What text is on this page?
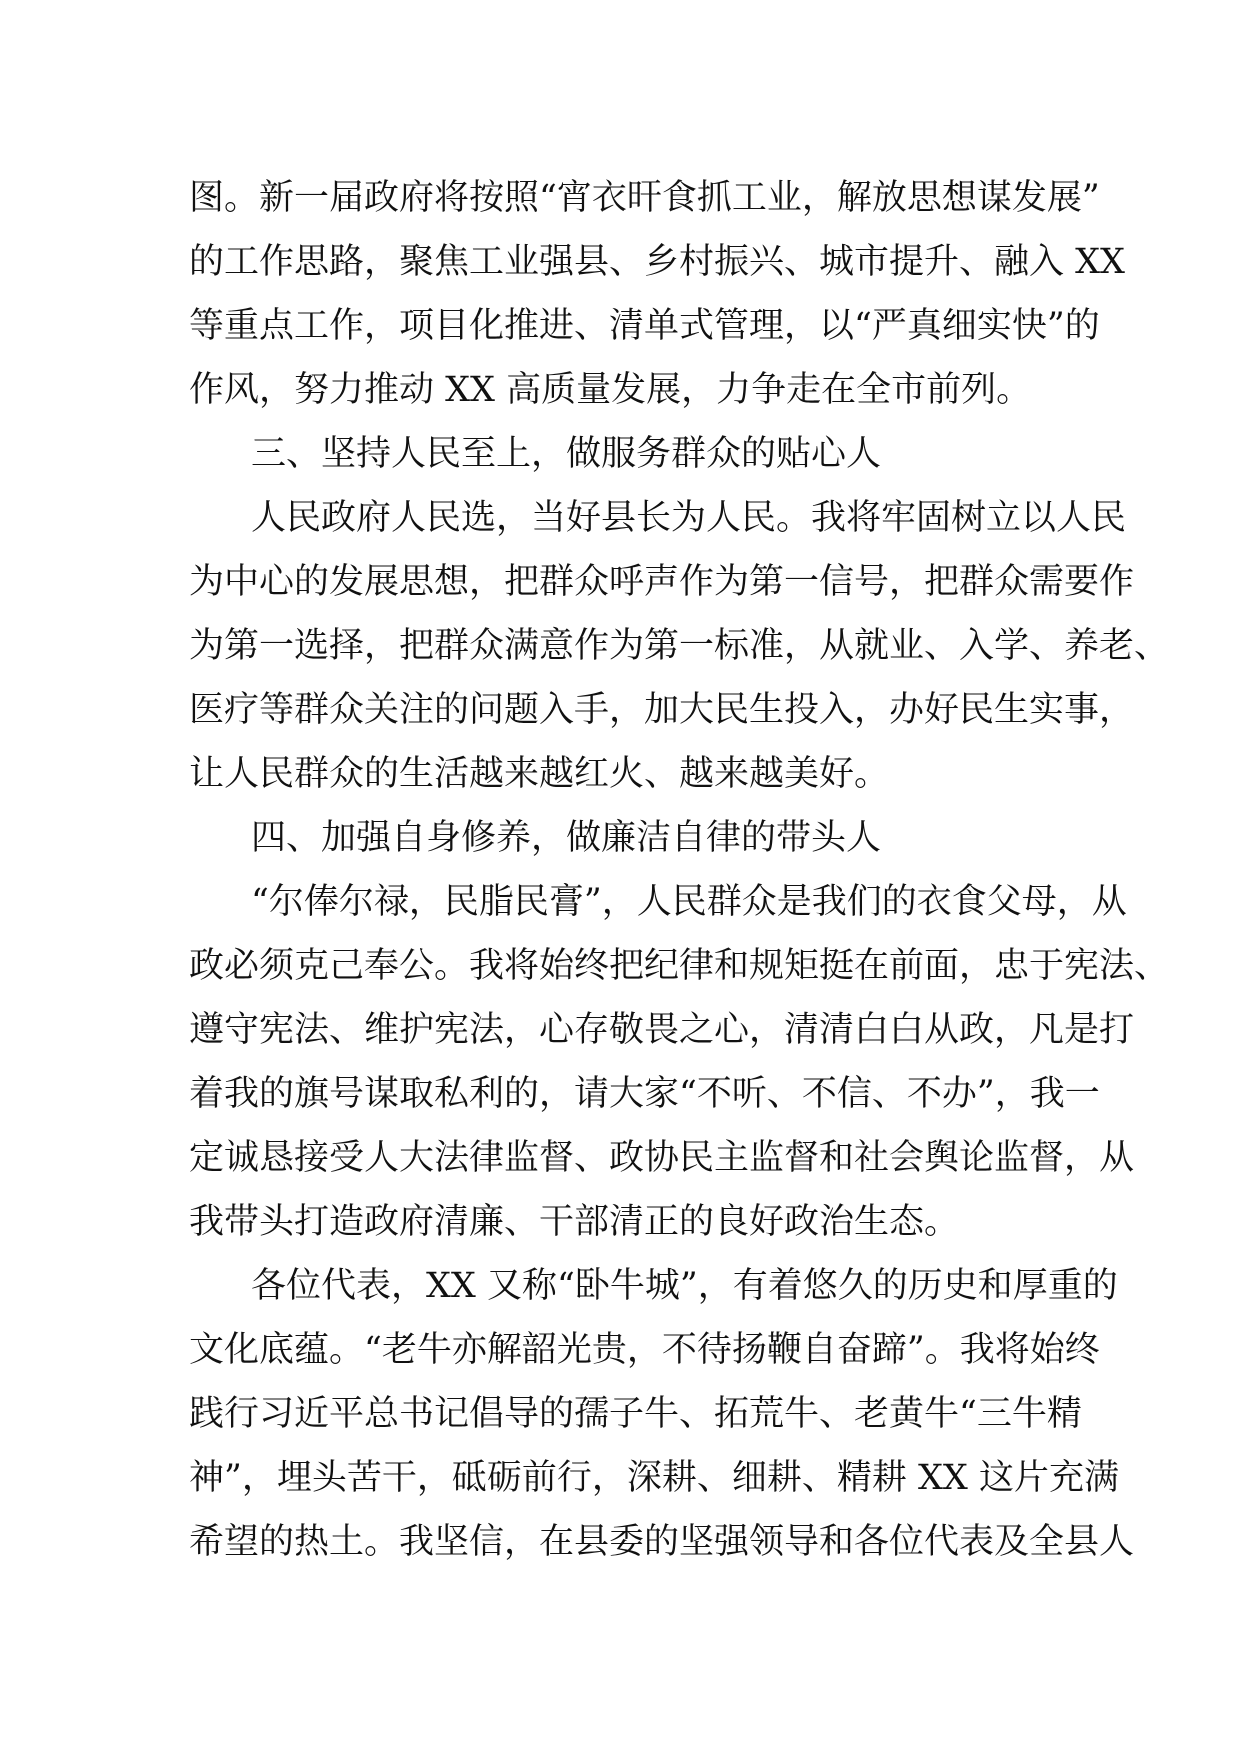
图。新一届政府将按照“宵衣旰食抓工业，解放思想谋发展”
的工作思路，聚焦工业强县、乡村振兴、城市提升、融入 XX
等重点工作，项目化推进、清单式管理，以“严真细实快”的
作风，努力推动 XX 高质量发展，力争走在全市前列。
三、坚持人民至上，做服务群众的贴心人
人民政府人民选，当好县长为人民。我将牢固树立以人民
为中心的发展思想，把群众呼声作为第一信号，把群众需要作
为第一选择，把群众满意作为第一标准，从就业、入学、养老、
医疗等群众关注的问题入手，加大民生投入，办好民生实事，
让人民群众的生活越来越红火、越来越美好。
四、加强自身修养，做廉洁自律的带头人
“尔俸尔禄，民脂民膏”，人民群众是我们的衣食父母，从
政必须克己奉公。我将始终把纪律和规矩挺在前面，忠于宪法、
遵守宪法、维护宪法，心存敬畏之心，清清白白从政，凡是打
着我的旗号谋取私利的，请大家“不听、不信、不办”，我一
定诚恳接受人大法律监督、政协民主监督和社会舆论监督，从
我带头打造政府清廉、干部清正的良好政治生态。
各位代表，XX 又称“卧牛城”，有着悠久的历史和厚重的
文化底蕴。“老牛亦解韶光贵，不待扬鞭自奋蹄”。我将始终
践行习近平总书记倡导的孺子牛、拓荒牛、老黄牛“三牛精
神”，埋头苦干，砥砺前行，深耕、细耕、精耕 XX 这片充满
希望的热土。我坚信，在县委的坚强领导和各位代表及全县人
